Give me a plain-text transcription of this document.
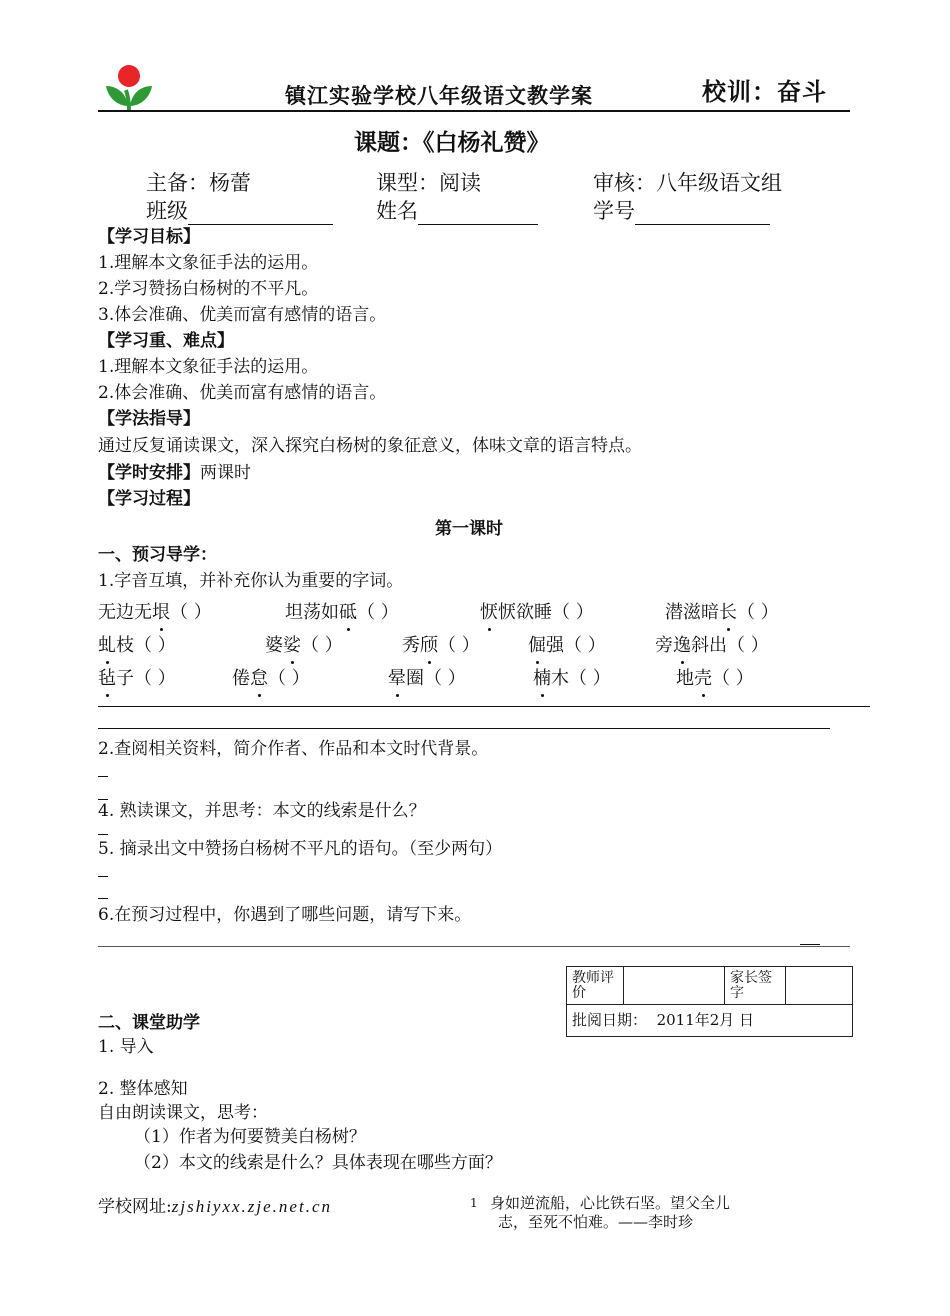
镇江实验学校八年级语文教学案	校训：奋斗
课题：《白杨礼赞》
主备：杨蕾	课型：阅读	审核：八年级语文组
班级	姓名	学号
【学习目标】
1.理解本文象征手法的运用。
2.学习赞扬白杨树的不平凡。
3.体会准确、优美而富有感情的语言。
【学习重、难点】
1.理解本文象征手法的运用。
2.体会准确、优美而富有感情的语言。
【学法指导】
通过反复诵读课文，深入探究白杨树的象征意义，体味文章的语言特点。
【学时安排】两课时
【学习过程】
第一课时
一、预习导学：
1.字音互填，并补充你认为重要的字词。
无边无垠（ ）	坦荡如砥（ ）	恹恹欲睡（ ）	潜滋暗长（ ）
虬枝（ ）	婆娑（ ）	秀颀（ ）	倔强（ ）	旁逸斜出（ ）
毡子（ ）	倦怠（ ）	晕圈（ ）	楠木（ ）	地壳（ ）
2.查阅相关资料，简介作者、作品和本文时代背景。
4. 熟读课文，并思考：本文的线索是什么？
5. 摘录出文中赞扬白杨树不平凡的语句。（至少两句）
6.在预习过程中，你遇到了哪些问题，请写下来。
教师评价		家长签字	
批阅日期： 2011年2月 日
二、课堂助学
1. 导入
2. 整体感知
自由朗读课文，思考：
（1）作者为何要赞美白杨树？
（2）本文的线索是什么？具体表现在哪些方面？
学校网址:zjshiyxx.zje.net.cn	1 身如逆流船，心比铁石坚。望父全儿
志，至死不怕难。——李时珍
